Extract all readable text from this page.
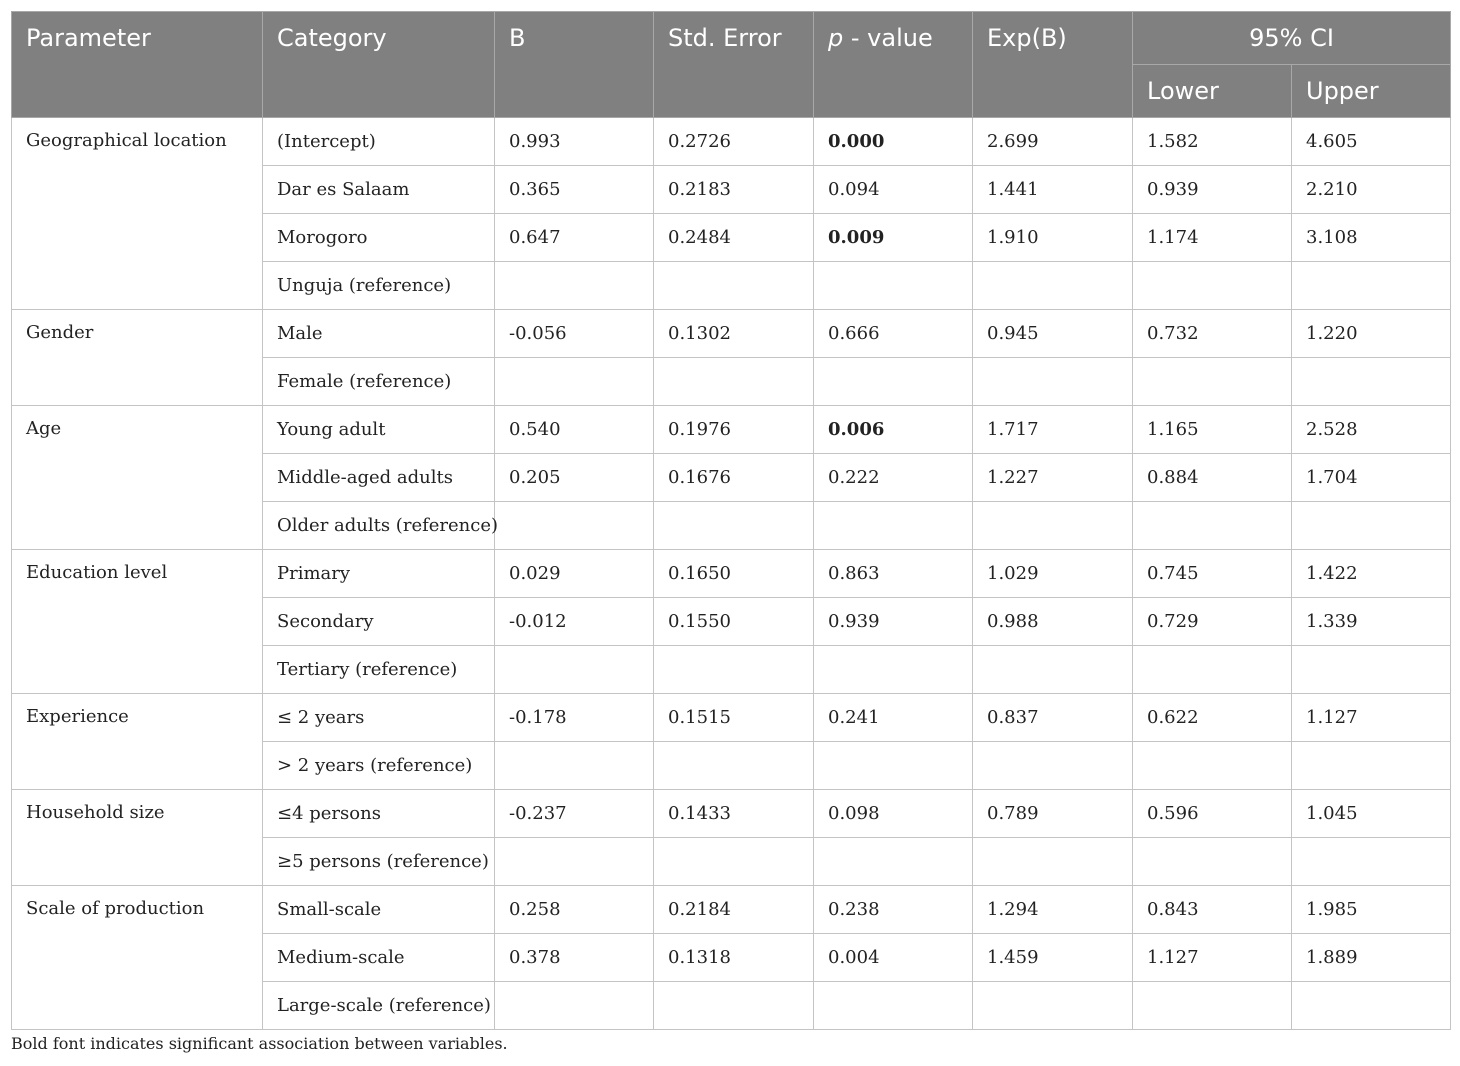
Parameter	Category	B	Std. Error	p - value	Exp(B)	95% CI	
						Lower	Upper
Geographical location	(Intercept)	0.993	0.2726	0.000	2.699	1.582	4.605
	Dar es Salaam	0.365	0.2183	0.094	1.441	0.939	2.210
	Morogoro	0.647	0.2484	0.009	1.910	1.174	3.108
	Unguja (reference)						
Gender	Male	-0.056	0.1302	0.666	0.945	0.732	1.220
	Female (reference)						
Age	Young adult	0.540	0.1976	0.006	1.717	1.165	2.528
	Middle-aged adults	0.205	0.1676	0.222	1.227	0.884	1.704
	Older adults (reference)						
Education level	Primary	0.029	0.1650	0.863	1.029	0.745	1.422
	Secondary	-0.012	0.1550	0.939	0.988	0.729	1.339
	Tertiary (reference)						
Experience	≤ 2 years	-0.178	0.1515	0.241	0.837	0.622	1.127
	> 2 years (reference)						
Household size	≤4 persons	-0.237	0.1433	0.098	0.789	0.596	1.045
	≥5 persons (reference)						
Scale of production	Small-scale	0.258	0.2184	0.238	1.294	0.843	1.985
	Medium-scale	0.378	0.1318	0.004	1.459	1.127	1.889
	Large-scale (reference)						
Bold font indicates significant association between variables.
